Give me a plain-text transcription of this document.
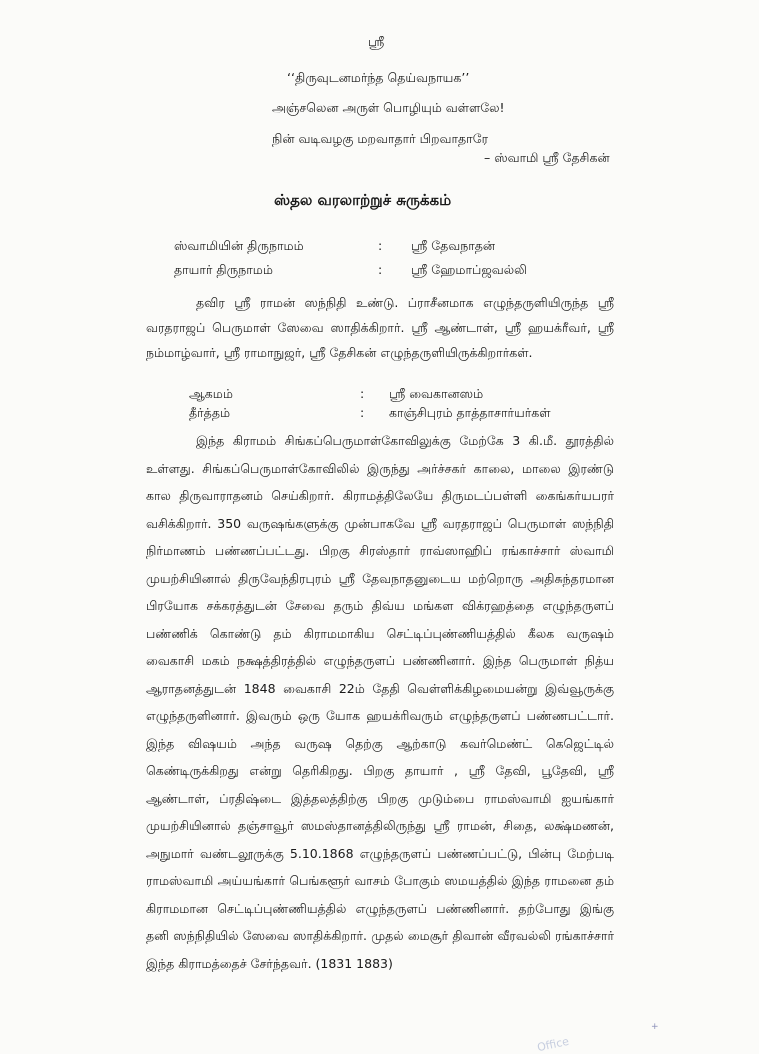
ஸ்ரீ
‘‘திருவுடனமர்ந்த தெய்வநாயக’’
அஞ்சலென அருள் பொழியும் வள்ளலே!
நின் வடிவழகு மறவாதார் பிறவாதாரே
– ஸ்வாமி ஸ்ரீ தேசிகன்
ஸ்தல வரலாற்றுச் சுருக்கம்
ஸ்வாமியின் திருநாமம்	: ஸ்ரீ தேவநாதன்
தாயார் திருநாமம்	: ஸ்ரீ ஹேமாப்ஜவல்லி

தவிர ஸ்ரீ ராமன் ஸந்நிதி உண்டு. ப்ராசீனமாக எழுந்தருளியிருந்த ஸ்ரீ வரதராஜப் பெருமாள் ஸேவை ஸாதிக்கிறார். ஸ்ரீ ஆண்டாள், ஸ்ரீ ஹயக்ரீவர், ஸ்ரீ நம்மாழ்வார், ஸ்ரீ ராமாநுஜர், ஸ்ரீ தேசிகன் எழுந்தருளியிருக்கிறார்கள்.

ஆகமம்	: ஸ்ரீ வைகானஸம்
தீர்த்தம்	: காஞ்சிபுரம் தாத்தாசார்யர்கள்

இந்த கிராமம் சிங்கப்பெருமாள்கோவிலுக்கு மேற்கே 3 கி.மீ. தூரத்தில் உள்ளது. சிங்கப்பெருமாள்கோவிலில் இருந்து அர்ச்சகர் காலை, மாலை இரண்டு கால திருவாராதனம் செய்கிறார். கிராமத்திலேயே திருமடப்பள்ளி கைங்கர்யபரர் வசிக்கிறார். 350 வருஷங்களுக்கு முன்பாகவே ஸ்ரீ வரதராஜப் பெருமாள் ஸந்நிதி நிர்மாணம் பண்ணப்பட்டது. பிறகு சிரஸ்தார் ராவ்ஸாஹிப் ரங்காச்சார் ஸ்வாமி முயற்சியினால் திருவேந்திரபுரம் ஸ்ரீ தேவநாதனுடைய மற்றொரு அதிசுந்தரமான பிரயோக சக்கரத்துடன் சேவை தரும் திவ்ய மங்கள விக்ரஹத்தை எழுந்தருளப் பண்ணிக் கொண்டு தம் கிராமமாகிய செட்டிப்புண்ணியத்தில் கீலக வருஷம் வைகாசி மகம் நக்ஷத்திரத்தில் எழுந்தருளப் பண்ணினார். இந்த பெருமாள் நித்ய ஆராதனத்துடன் 1848 வைகாசி 22ம் தேதி வெள்ளிக்கிழமையன்று இவ்வூருக்கு எழுந்தருளினார். இவரும் ஒரு யோக ஹயக்ரிவரும் எழுந்தருளப் பண்ணபட்டார். இந்த விஷயம் அந்த வருஷ தெற்கு ஆற்காடு கவர்மெண்ட் கெஜெட்டில் கெண்டிருக்கிறது என்று தெரிகிறது. பிறகு தாயார் , ஸ்ரீ தேவி, பூதேவி, ஸ்ரீ ஆண்டாள், ப்ரதிஷ்டை இத்தலத்திற்கு பிறகு முடும்பை ராமஸ்வாமி ஐயங்கார் முயற்சியினால் தஞ்சாவூர் ஸமஸ்தானத்திலிருந்து ஸ்ரீ ராமன், சிதை, லக்ஷ்மணன், அநுமார் வண்டலூருக்கு 5.10.1868 எழுந்தருளப் பண்ணப்பட்டு, பின்பு மேற்படி ராமஸ்வாமி அய்யங்கார் பெங்களூர் வாசம் போகும் ஸமயத்தில் இந்த ராமனை தம் கிராமமான செட்டிப்புண்ணியத்தில் எழுந்தருளப் பண்ணினார். தற்போது இங்கு தனி ஸந்நிதியில் ஸேவை ஸாதிக்கிறார். முதல் மைசூர் திவான் வீரவல்லி ரங்காச்சார் இந்த கிராமத்தைச் சேர்ந்தவர். (1831 1883)

+
Office
